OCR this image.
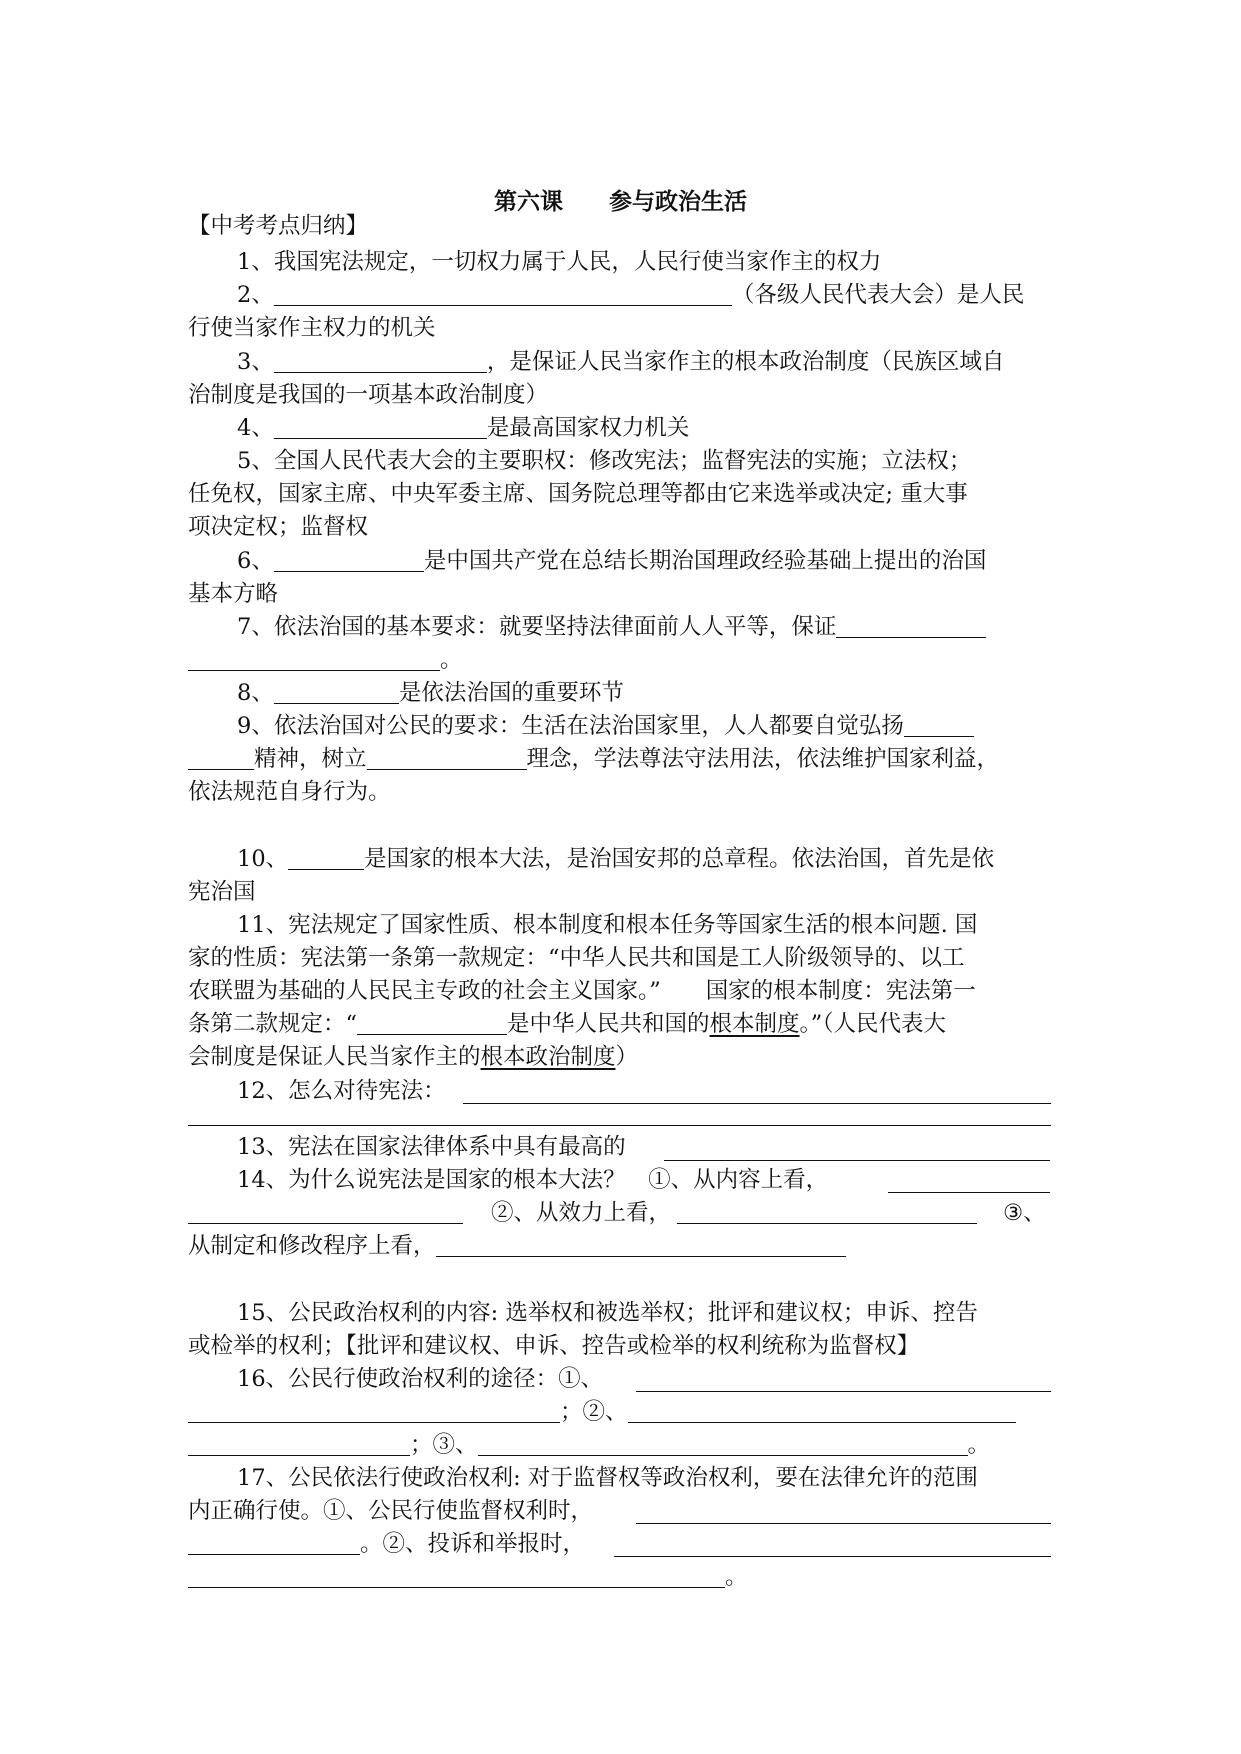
第六课　　参与政治生活
【中考考点归纳】
1、我国宪法规定，一切权力属于人民，人民行使当家作主的权力
2、	（各级人民代表大会）是人民
行使当家作主权力的机关
3、	，是保证人民当家作主的根本政治制度（民族区域自
治制度是我国的一项基本政治制度）
4、	是最高国家权力机关
5、全国人民代表大会的主要职权：修改宪法；监督宪法的实施；立法权；
任免权，国家主席、中央军委主席、国务院总理等都由它来选举或决定; 重大事
项决定权；监督权
6、	是中国共产党在总结长期治国理政经验基础上提出的治国
基本方略
7、依法治国的基本要求：就要坚持法律面前人人平等，保证
。
8、	是依法治国的重要环节
9、依法治国对公民的要求：生活在法治国家里，人人都要自觉弘扬
精神，树立	理念，学法尊法守法用法，依法维护国家利益，
依法规范自身行为。
10、	是国家的根本大法，是治国安邦的总章程。依法治国，首先是依
宪治国
11、宪法规定了国家性质、根本制度和根本任务等国家生活的根本问题. 国
家的性质：宪法第一条第一款规定：“中华人民共和国是工人阶级领导的、以工
农联盟为基础的人民民主专政的社会主义国家。”　　国家的根本制度：宪法第一
条第二款规定：“	是中华人民共和国的根本制度。”（人民代表大
会制度是保证人民当家作主的根本政治制度）
12、怎么对待宪法：
13、宪法在国家法律体系中具有最高的
14、为什么说宪法是国家的根本大法？　①、从内容上看，
②、从效力上看，	③、
从制定和修改程序上看，
15、公民政治权利的内容: 选举权和被选举权；批评和建议权；申诉、控告
或检举的权利；【批评和建议权、申诉、控告或检举的权利统称为监督权】
16、公民行使政治权利的途径：①、
；②、
；③、	。
17、公民依法行使政治权利: 对于监督权等政治权利，要在法律允许的范围
内正确行使。①、公民行使监督权利时，
。②、投诉和举报时，
。
